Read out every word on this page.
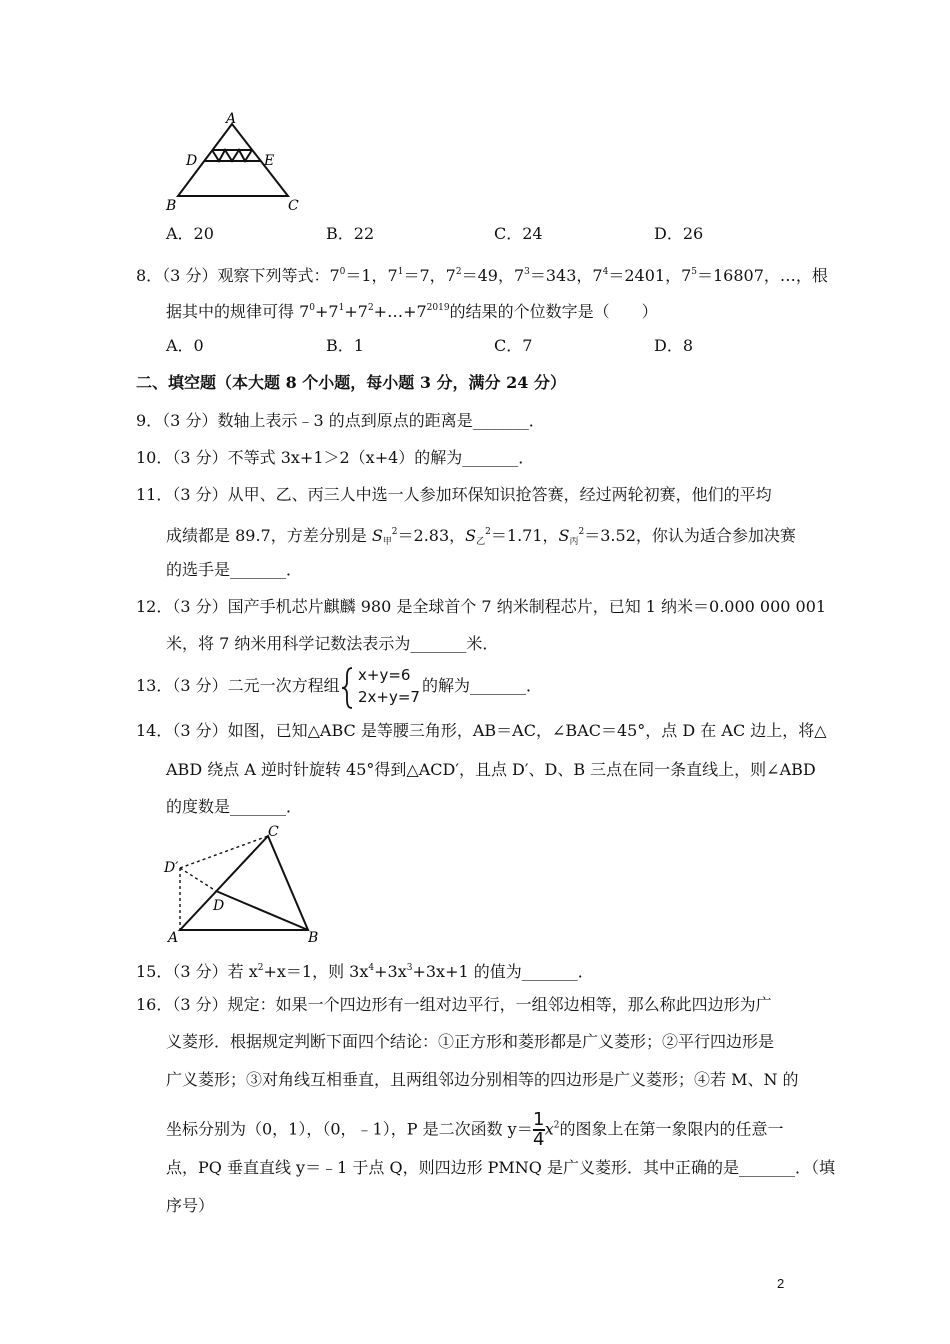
A
D	E
B	C
A．20	B．22	C．24	D．26
8．（3 分）观察下列等式：$7^0=1$，$7^1=7$，$7^2=49$，$7^3=343$，$7^4=2401$，$7^5=16807$，…，根
据其中的规律可得 $7^0+7^1+7^2+\dots+7^{2019}$的结果的个位数字是（　　）
A．0	B．1	C．7	D．8
二、填空题（本大题 8 个小题，每小题 3 分，满分 24 分）
9．（3 分）数轴上表示﹣3 的点到原点的距离是_______．
10．（3 分）不等式 3x+1＞2（x+4）的解为_______．
11．（3 分）从甲、乙、丙三人中选一人参加环保知识抢答赛，经过两轮初赛，他们的平均
成绩都是 89.7，方差分别是 $S_甲^2=2.83$，$S_乙^2=1.71$，$S_丙^2=3.52$，你认为适合参加决赛
的选手是_______．
12．（3 分）国产手机芯片麒麟 980 是全球首个 7 纳米制程芯片，已知 1 纳米＝0.000 000 001
米，将 7 纳米用科学记数法表示为_______米．
13．（3 分）二元一次方程组
x+y=6
2x+y=7
的解为_______．
14．（3 分）如图，已知△ABC 是等腰三角形，AB＝AC，∠BAC＝45°，点 D 在 AC 边上，将△
ABD 绕点 A 逆时针旋转 45°得到△ACD′，且点 D′、D、B 三点在同一条直线上，则∠ABD
的度数是_______．
C
D′
D
A	B
15．（3 分）若 $x^2+x=1$，则 $3x^4+3x^3+3x+1$ 的值为_______．
16．（3 分）规定：如果一个四边形有一组对边平行，一组邻边相等，那么称此四边形为广
义菱形．根据规定判断下面四个结论：①正方形和菱形都是广义菱形；②平行四边形是
广义菱形；③对角线互相垂直，且两组邻边分别相等的四边形是广义菱形；④若 M、N 的
坐标分别为（0，1），（0，﹣1），P 是二次函数 $y= \frac{1}{4} x^2$的图象上在第一象限内的任意一
点，PQ 垂直直线 y＝﹣1 于点 Q，则四边形 PMNQ 是广义菱形．其中正确的是_______．（填
序号）
2
